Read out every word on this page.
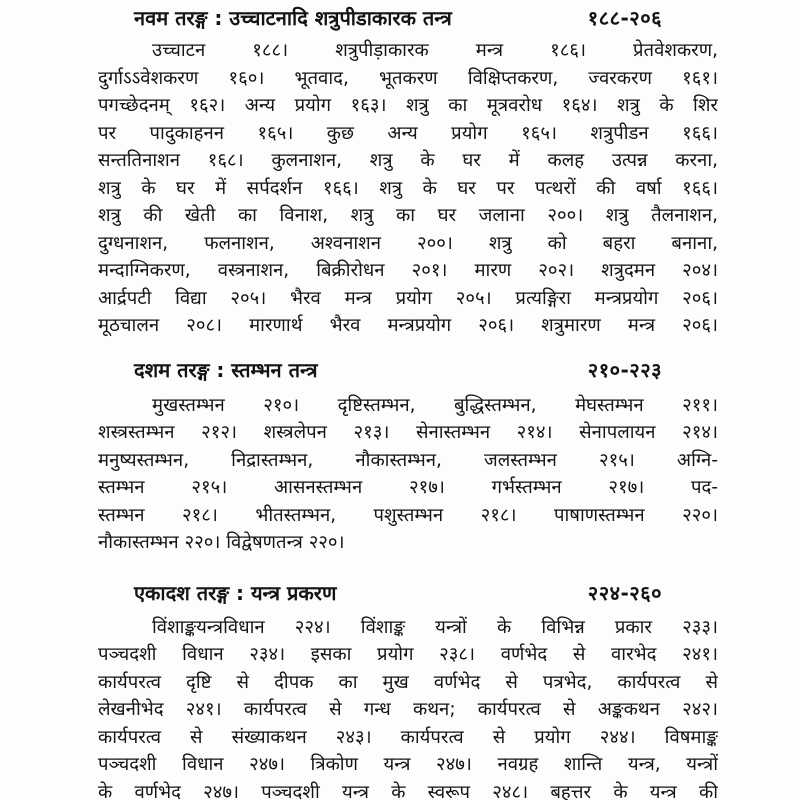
नवम तरङ्ग : उच्चाटनादि शत्रुपीडाकारक तन्त्र	१८८-२०६
उच्चाटन १८८। शत्रुपीड़ाकारक मन्त्र १८६। प्रेतवेशकरण,
दुर्गाऽऽवेशकरण १६०। भूतवाद, भूतकरण विक्षिप्तकरण, ज्वरकरण १६१।
पगच्छेदनम् १६२। अन्य प्रयोग १६३। शत्रु का मूत्रवरोध १६४। शत्रु के शिर
पर पादुकाहनन १६५। कुछ अन्य प्रयोग १६५। शत्रुपीडन १६६।
सन्ततिनाशन १६८। कुलनाशन, शत्रु के घर में कलह उत्पन्न करना,
शत्रु के घर में सर्पदर्शन १६६। शत्रु के घर पर पत्थरों की वर्षा १६६।
शत्रु की खेती का विनाश, शत्रु का घर जलाना २००। शत्रु तैलनाशन,
दुग्धनाशन, फलनाशन, अश्वनाशन २००। शत्रु को बहरा बनाना,
मन्दाग्निकरण, वस्त्रनाशन, बिक्रीरोधन २०१। मारण २०२। शत्रुदमन २०४।
आर्द्रपटी विद्या २०५। भैरव मन्त्र प्रयोग २०५। प्रत्यङ्गिरा मन्त्रप्रयोग २०६।
मूठचालन २०८। मारणार्थ भैरव मन्त्रप्रयोग २०६। शत्रुमारण मन्त्र २०६।
दशम तरङ्ग : स्तम्भन तन्त्र	२१०-२२३
मुखस्तम्भन २१०। दृष्टिस्तम्भन, बुद्धिस्तम्भन, मेघस्तम्भन २११।
शस्त्रस्तम्भन २१२। शस्त्रलेपन २१३। सेनास्तम्भन २१४। सेनापलायन २१४।
मनुष्यस्तम्भन, निद्रास्तम्भन, नौकास्तम्भन, जलस्तम्भन २१५। अग्नि-
स्तम्भन २१५। आसनस्तम्भन २१७। गर्भस्तम्भन २१७। पद-
स्तम्भन २१८। भीतस्तम्भन, पशुस्तम्भन २१८। पाषाणस्तम्भन २२०।
नौकास्तम्भन २२०। विद्वेषणतन्त्र २२०।
एकादश तरङ्ग : यन्त्र प्रकरण	२२४-२६०
विंशाङ्कयन्त्रविधान २२४। विंशाङ्क यन्त्रों के विभिन्न प्रकार २३३।
पञ्चदशी विधान २३४। इसका प्रयोग २३८। वर्णभेद से वारभेद २४१।
कार्यपरत्व दृष्टि से दीपक का मुख वर्णभेद से पत्रभेद, कार्यपरत्व से
लेखनीभेद २४१। कार्यपरत्व से गन्ध कथन; कार्यपरत्व से अङ्ककथन २४२।
कार्यपरत्व से संख्याकथन २४३। कार्यपरत्व से प्रयोग २४४। विषमाङ्क
पञ्चदशी विधान २४७। त्रिकोण यन्त्र २४७। नवग्रह शान्ति यन्त्र, यन्त्रों
के वर्णभेद २४७। पञ्चदशी यन्त्र के स्वरूप २४८। बहत्तर के यन्त्र की
